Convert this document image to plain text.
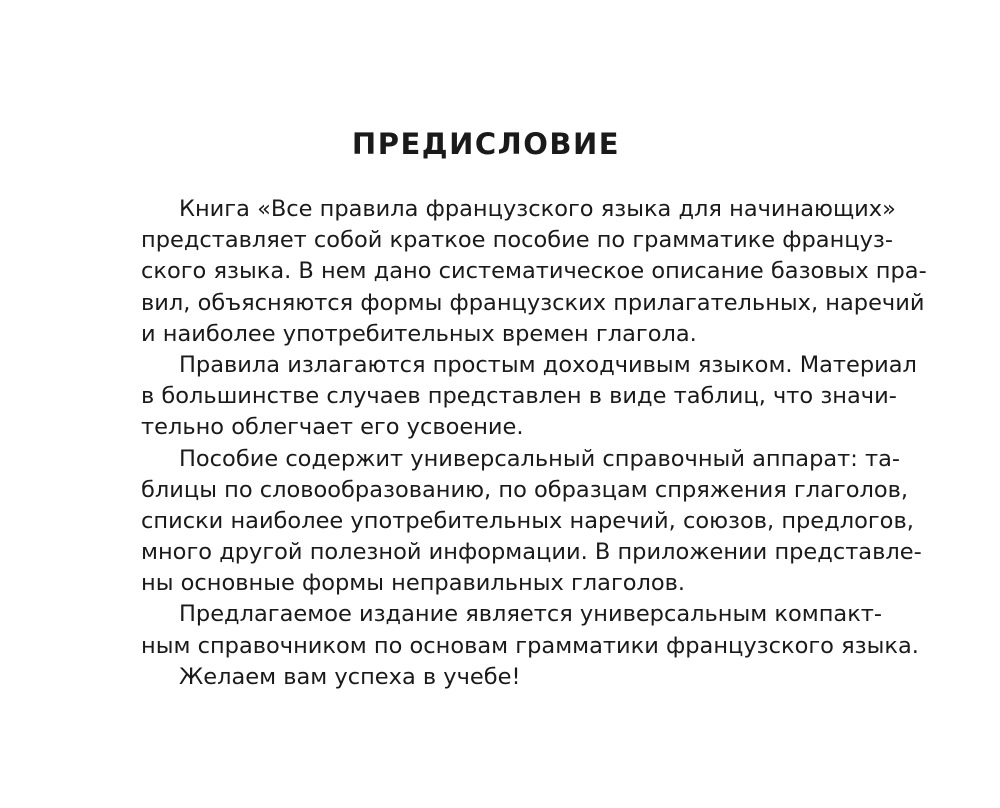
ПРЕДИСЛОВИЕ
Книга «Все правила французского языка для начинающих»
представляет собой краткое пособие по грамматике француз-
ского языка. В нем дано систематическое описание базовых пра-
вил, объясняются формы французских прилагательных, наречий
и наиболее употребительных времен глагола.
Правила излагаются простым доходчивым языком. Материал
в большинстве случаев представлен в виде таблиц, что значи-
тельно облегчает его усвоение.
Пособие содержит универсальный справочный аппарат: та-
блицы по словообразованию, по образцам спряжения глаголов,
списки наиболее употребительных наречий, союзов, предлогов,
много другой полезной информации. В приложении представле-
ны основные формы неправильных глаголов.
Предлагаемое издание является универсальным компакт-
ным справочником по основам грамматики французского языка.
Желаем вам успеха в учебе!
